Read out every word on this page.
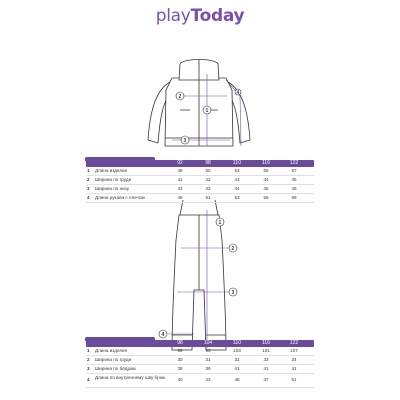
playToday
1
2
3
4
1
2
3
4
92	98	110	116	122
1	Длина изделия	48	50	53	55	57
2	Ширина по груди	41	42	43	44	45
3	Ширина по низу	42	43	44	45	46
4	Длина рукава с плечом	48	51	53	56	58
98	104	110	116	122
1	Длина изделия	89	95	103	101	107
2	Ширина по груди	30	31	32	33	34
3	Ширина по бёдрам	38	39	41	41	41
4	Длина по внутреннему шву брюк	40	43	48	47	51
